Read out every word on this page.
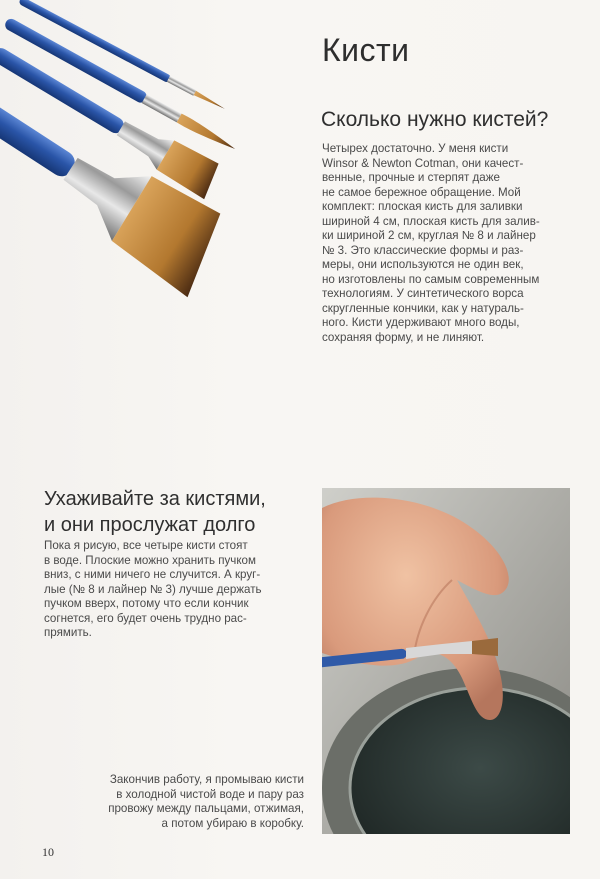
Кисти
Сколько нужно кистей?

Четырех достаточно. У меня кисти
Winsor & Newton Cotman, они качест-
венные, прочные и стерпят даже
не самое бережное обращение. Мой
комплект: плоская кисть для заливки
шириной 4 см, плоская кисть для залив-
ки шириной 2 см, круглая № 8 и лайнер
№ 3. Это классические формы и раз-
меры, они используются не один век,
но изготовлены по самым современным
технологиям. У синтетического ворса
скругленные кончики, как у натураль-
ного. Кисти удерживают много воды,
сохраняя форму, и не линяют.

Ухаживайте за кистями,
и они прослужат долго

Пока я рисую, все четыре кисти стоят
в воде. Плоские можно хранить пучком
вниз, с ними ничего не случится. А круг-
лые (№ 8 и лайнер № 3) лучше держать
пучком вверх, потому что если кончик
согнется, его будет очень трудно рас-
прямить.

Закончив работу, я промываю кисти
в холодной чистой воде и пару раз
провожу между пальцами, отжимая,
а потом убираю в коробку.

10
